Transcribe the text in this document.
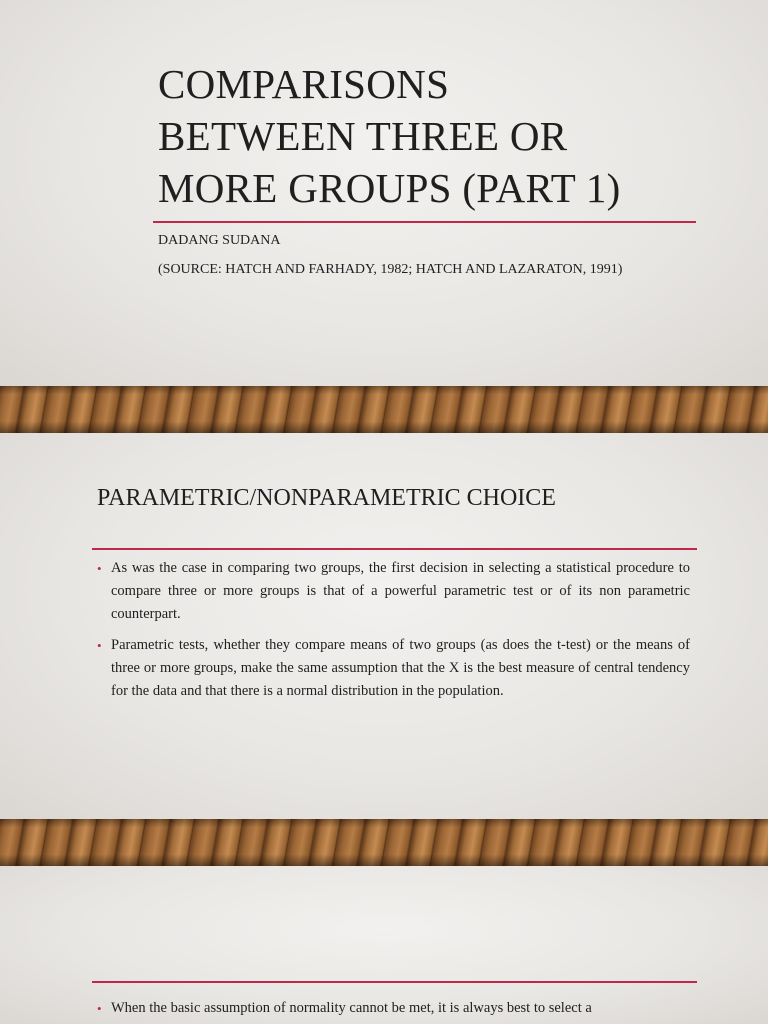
COMPARISONS
BETWEEN THREE OR
MORE GROUPS (PART 1)

DADANG SUDANA

(SOURCE: HATCH AND FARHADY, 1982; HATCH AND LAZARATON, 1991)

PARAMETRIC/NONPARAMETRIC CHOICE
• As was the case in comparing two groups, the first decision in selecting a statistical procedure to compare three or more groups is that of a powerful parametric test or of its non parametric counterpart.
• Parametric tests, whether they compare means of two groups (as does the t-test) or the means of three or more groups, make the same assumption that the X is the best measure of central tendency for the data and that there is a normal distribution in the population.
• When the basic assumption of normality cannot be met, it is always best to select a
